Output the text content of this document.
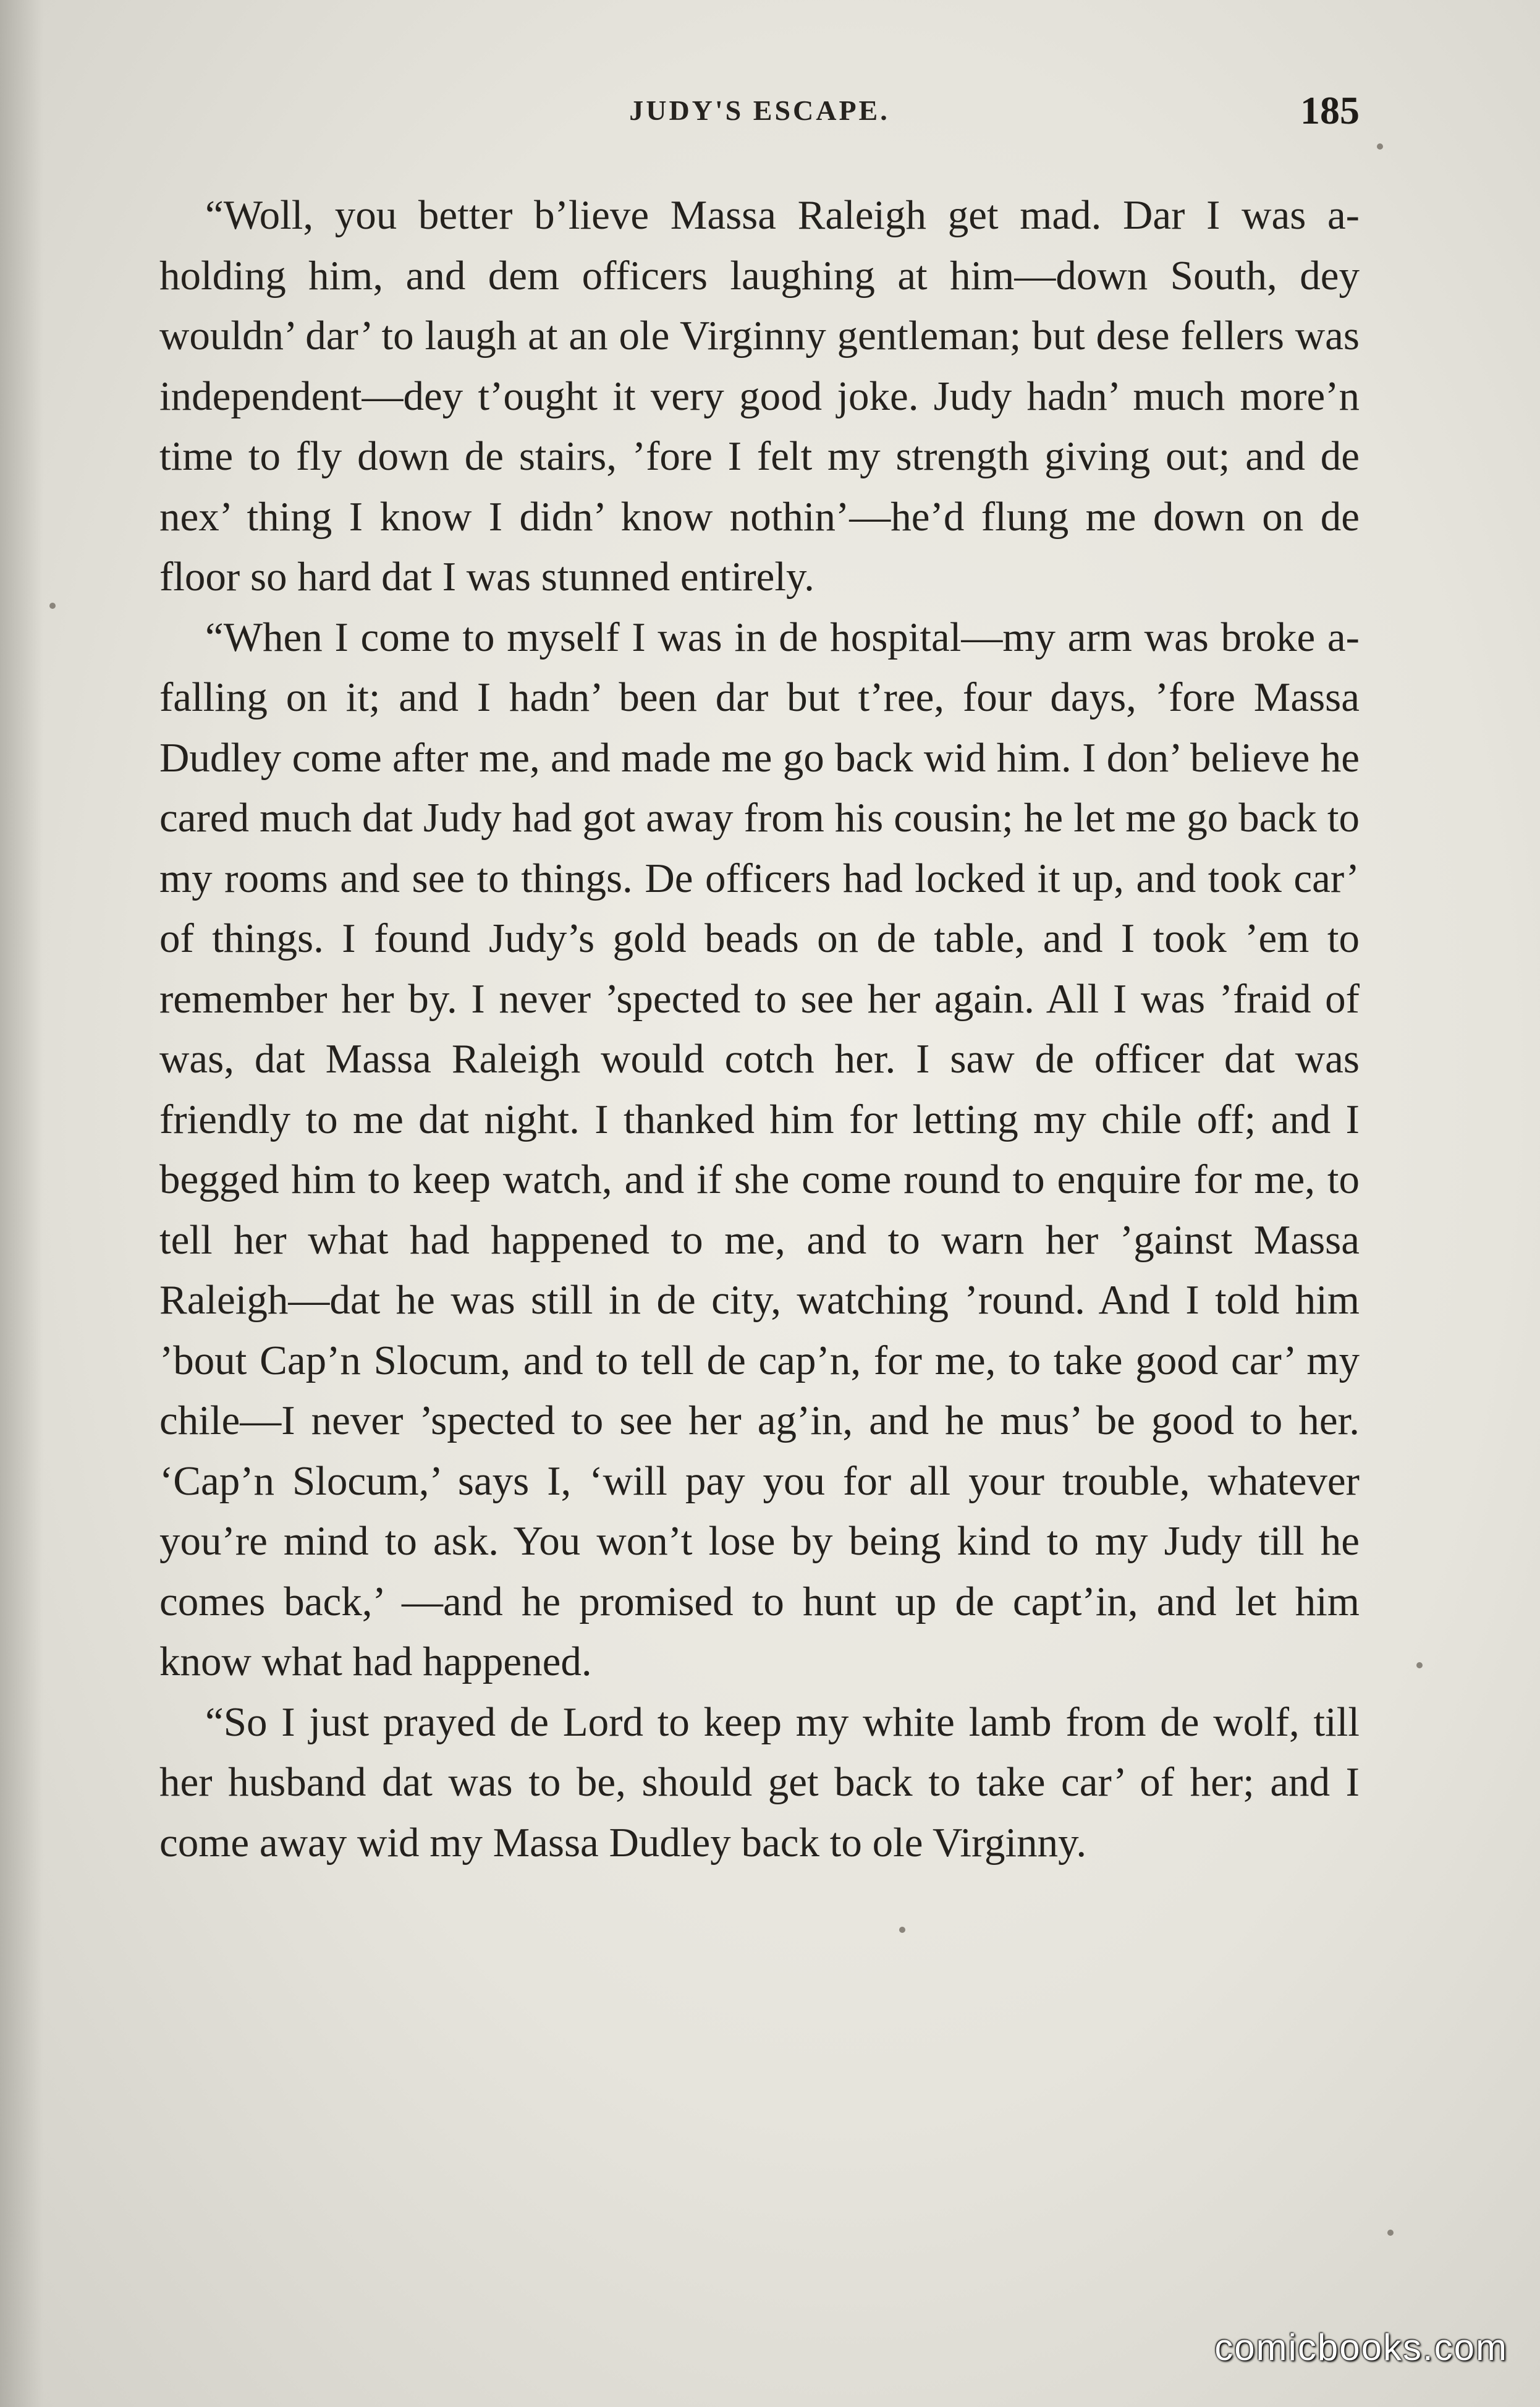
JUDY'S ESCAPE.	185

“Woll, you better b’lieve Massa Raleigh get mad. Dar I was a-holding him, and dem officers laughing at him—down South, dey wouldn’ dar’ to laugh at an ole Virginny gentleman; but dese fellers was independent—dey t’ought it very good joke. Judy hadn’ much more’n time to fly down de stairs, ’fore I felt my strength giving out; and de nex’ thing I know I didn’ know nothin’—he’d flung me down on de floor so hard dat I was stunned entirely.

“When I come to myself I was in de hospital—my arm was broke a-falling on it; and I hadn’ been dar but t’ree, four days, ’fore Massa Dudley come after me, and made me go back wid him. I don’ believe he cared much dat Judy had got away from his cousin; he let me go back to my rooms and see to things. De officers had locked it up, and took car’ of things. I found Judy’s gold beads on de table, and I took ’em to remember her by. I never ’spected to see her again. All I was ’fraid of was, dat Massa Raleigh would cotch her. I saw de officer dat was friendly to me dat night. I thanked him for letting my chile off; and I begged him to keep watch, and if she come round to enquire for me, to tell her what had happened to me, and to warn her ’gainst Massa Raleigh—dat he was still in de city, watching ’round. And I told him ’bout Cap’n Slocum, and to tell de cap’n, for me, to take good car’ my chile—I never ’spected to see her ag’in, and he mus’ be good to her. ‘Cap’n Slocum,’ says I, ‘will pay you for all your trouble, whatever you’re mind to ask. You won’t lose by being kind to my Judy till he comes back,’ —and he promised to hunt up de capt’in, and let him know what had happened.

“So I just prayed de Lord to keep my white lamb from de wolf, till her husband dat was to be, should get back to take car’ of her; and I come away wid my Massa Dudley back to ole Virginny.

comicbooks.com
